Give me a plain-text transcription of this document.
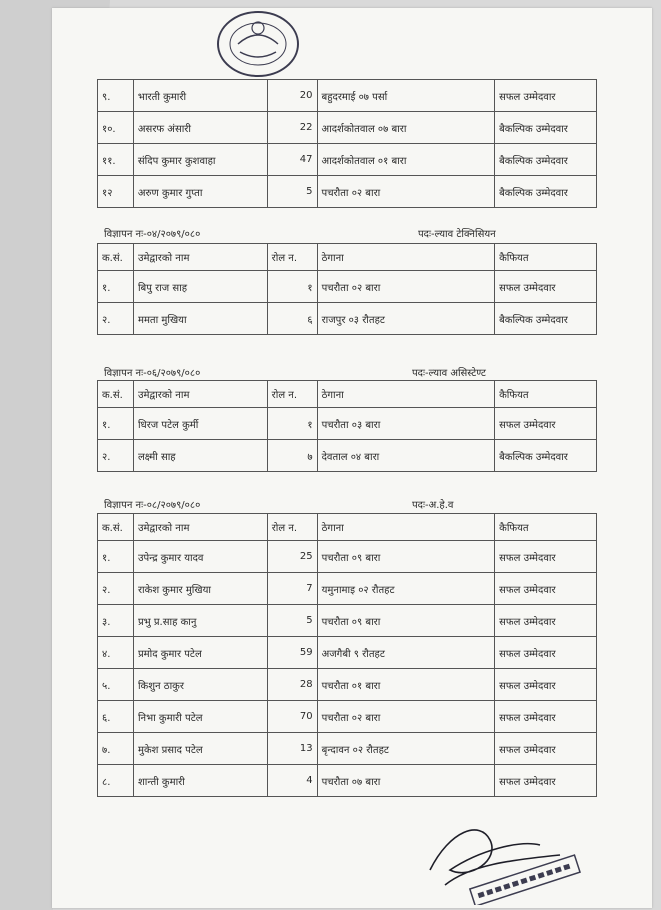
९.	भारती कुमारी	20	बहुदरमाई ०७ पर्सा	सफल उम्मेदवार
१०.	असरफ अंसारी	22	आदर्शकोतवाल ०७ बारा	बैकल्पिक उम्मेदवार
११.	संदिप कुमार कुशवाहा	47	आदर्शकोतवाल ०१ बारा	बैकल्पिक उम्मेदवार
१२	अरुण कुमार गुप्ता	5	पचरौता ०२ बारा	बैकल्पिक उम्मेदवार
विज्ञापन नः-०४/२०७९/०८०	पदः-ल्याव टेक्निसियन
क.सं.	उमेद्वारको नाम	रोल न.	ठेगाना	कैफियत
१.	बिपु राज साह	१	पचरौता ०२ बारा	सफल उम्मेदवार
२.	ममता मुखिया	६	राजपुर ०३ रौतहट	बैकल्पिक उम्मेदवार
विज्ञापन नः-०६/२०७९/०८०	पदः-ल्याव असिस्टेण्ट
क.सं.	उमेद्वारको नाम	रोल न.	ठेगाना	कैफियत
१.	धिरज पटेल कुर्मी	१	पचरौता ०३ बारा	सफल उम्मेदवार
२.	लक्ष्मी साह	७	देवताल ०४ बारा	बैकल्पिक उम्मेदवार
विज्ञापन नः-०८/२०७९/०८०	पदः-अ.हे.व
क.सं.	उमेद्वारको नाम	रोल न.	ठेगाना	कैफियत
१.	उपेन्द्र कुमार यादव	25	पचरौता ०९ बारा	सफल उम्मेदवार
२.	राकेश कुमार मुखिया	7	यमुनामाइ ०२ रौतहट	सफल उम्मेदवार
३.	प्रभु प्र.साह कानु	5	पचरौता ०९ बारा	सफल उम्मेदवार
४.	प्रमोद कुमार पटेल	59	अजगैबी ९ रौतहट	सफल उम्मेदवार
५.	किशुन ठाकुर	28	पचरौता ०१ बारा	सफल उम्मेदवार
६.	निभा कुमारी पटेल	70	पचरौता ०२ बारा	सफल उम्मेदवार
७.	मुकेश प्रसाद पटेल	13	बृन्दावन ०२ रौतहट	सफल उम्मेदवार
८.	शान्ती कुमारी	4	पचरौता ०७ बारा	सफल उम्मेदवार
